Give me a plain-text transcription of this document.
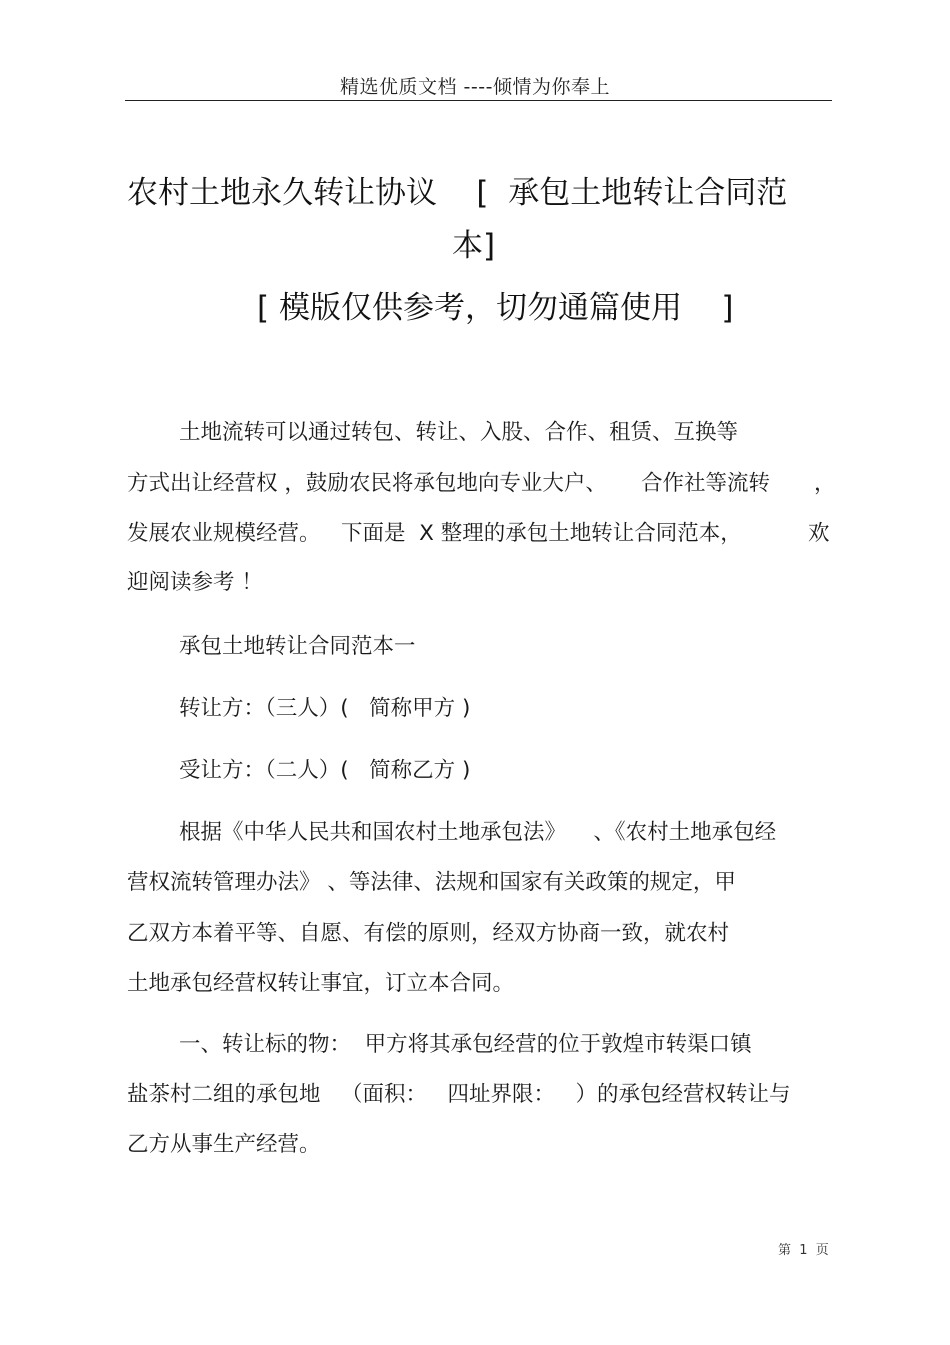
精选优质文档 ----倾情为你奉上
农村土地永久转让协议    [  承包土地转让合同范
本]
[ 模版仅供参考，切勿通篇使用    ]
土地流转可以通过转包、转让、入股、合作、租赁、互换等
方式出让经营权 ，鼓励农民将承包地向专业大户、     合作社等流转 ，
发展农业规模经营。   下面是  X 整理的承包土地转让合同范本，	欢
迎阅读参考 ！
承包土地转让合同范本一
转让方：（三人）(   简称甲方 )
受让方：（二人）(   简称乙方 )
根据《中华人民共和国农村土地承包法》    、《农村土地承包经
营权流转管理办法》 、等法律、法规和国家有关政策的规定，甲
乙双方本着平等、自愿、有偿的原则，经双方协商一致，就农村
土地承包经营权转让事宜，订立本合同。
一、转让标的物：  甲方将其承包经营的位于敦煌市转渠口镇
盐茶村二组的承包地   （面积：   四址界限：   ）的承包经营权转让与
乙方从事生产经营。
第  1  页
